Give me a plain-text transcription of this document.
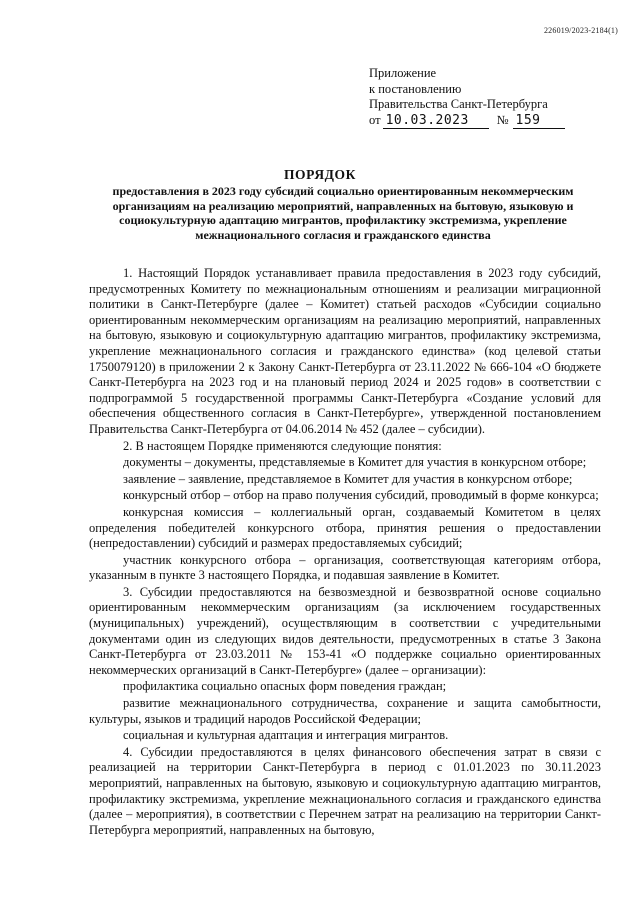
226019/2023-2184(1)
Приложение
к постановлению
Правительства Санкт-Петербурга
от 10.03.2023	№ 159
ПОРЯДОК
предоставления в 2023 году субсидий социально ориентированным некоммерческим организациям на реализацию мероприятий, направленных на бытовую, языковую и социокультурную адаптацию мигрантов, профилактику экстремизма, укрепление межнационального согласия и гражданского единства

1. Настоящий Порядок устанавливает правила предоставления в 2023 году субсидий, предусмотренных Комитету по межнациональным отношениям и реализации миграционной политики в Санкт-Петербурге (далее – Комитет) статьей расходов «Субсидии социально ориентированным некоммерческим организациям на реализацию мероприятий, направленных на бытовую, языковую и социокультурную адаптацию мигрантов, профилактику экстремизма, укрепление межнационального согласия и гражданского единства» (код целевой статьи 1750079120) в приложении 2 к Закону Санкт-Петербурга от 23.11.2022 № 666-104 «О бюджете Санкт-Петербурга на 2023 год и на плановый период 2024 и 2025 годов» в соответствии с подпрограммой 5 государственной программы Санкт-Петербурга «Создание условий для обеспечения общественного согласия в Санкт-Петербурге», утвержденной постановлением Правительства Санкт-Петербурга от 04.06.2014 № 452 (далее – субсидии).

2. В настоящем Порядке применяются следующие понятия:

документы – документы, представляемые в Комитет для участия в конкурсном отборе;

заявление – заявление, представляемое в Комитет для участия в конкурсном отборе;

конкурсный отбор – отбор на право получения субсидий, проводимый в форме конкурса;

конкурсная комиссия – коллегиальный орган, создаваемый Комитетом в целях определения победителей конкурсного отбора, принятия решения о предоставлении (непредоставлении) субсидий и размерах предоставляемых субсидий;

участник конкурсного отбора – организация, соответствующая категориям отбора, указанным в пункте 3 настоящего Порядка, и подавшая заявление в Комитет.

3. Субсидии предоставляются на безвозмездной и безвозвратной основе социально ориентированным некоммерческим организациям (за исключением государственных (муниципальных) учреждений), осуществляющим в соответствии с учредительными документами один из следующих видов деятельности, предусмотренных в статье 3 Закона Санкт-Петербурга от 23.03.2011 № 153-41 «О поддержке социально ориентированных некоммерческих организаций в Санкт-Петербурге» (далее – организации):

профилактика социально опасных форм поведения граждан;

развитие межнационального сотрудничества, сохранение и защита самобытности, культуры, языков и традиций народов Российской Федерации;

социальная и культурная адаптация и интеграция мигрантов.

4. Субсидии предоставляются в целях финансового обеспечения затрат в связи с реализацией на территории Санкт-Петербурга в период с 01.01.2023 по 30.11.2023 мероприятий, направленных на бытовую, языковую и социокультурную адаптацию мигрантов, профилактику экстремизма, укрепление межнационального согласия и гражданского единства (далее – мероприятия), в соответствии с Перечнем затрат на реализацию на территории Санкт-Петербурга мероприятий, направленных на бытовую,
